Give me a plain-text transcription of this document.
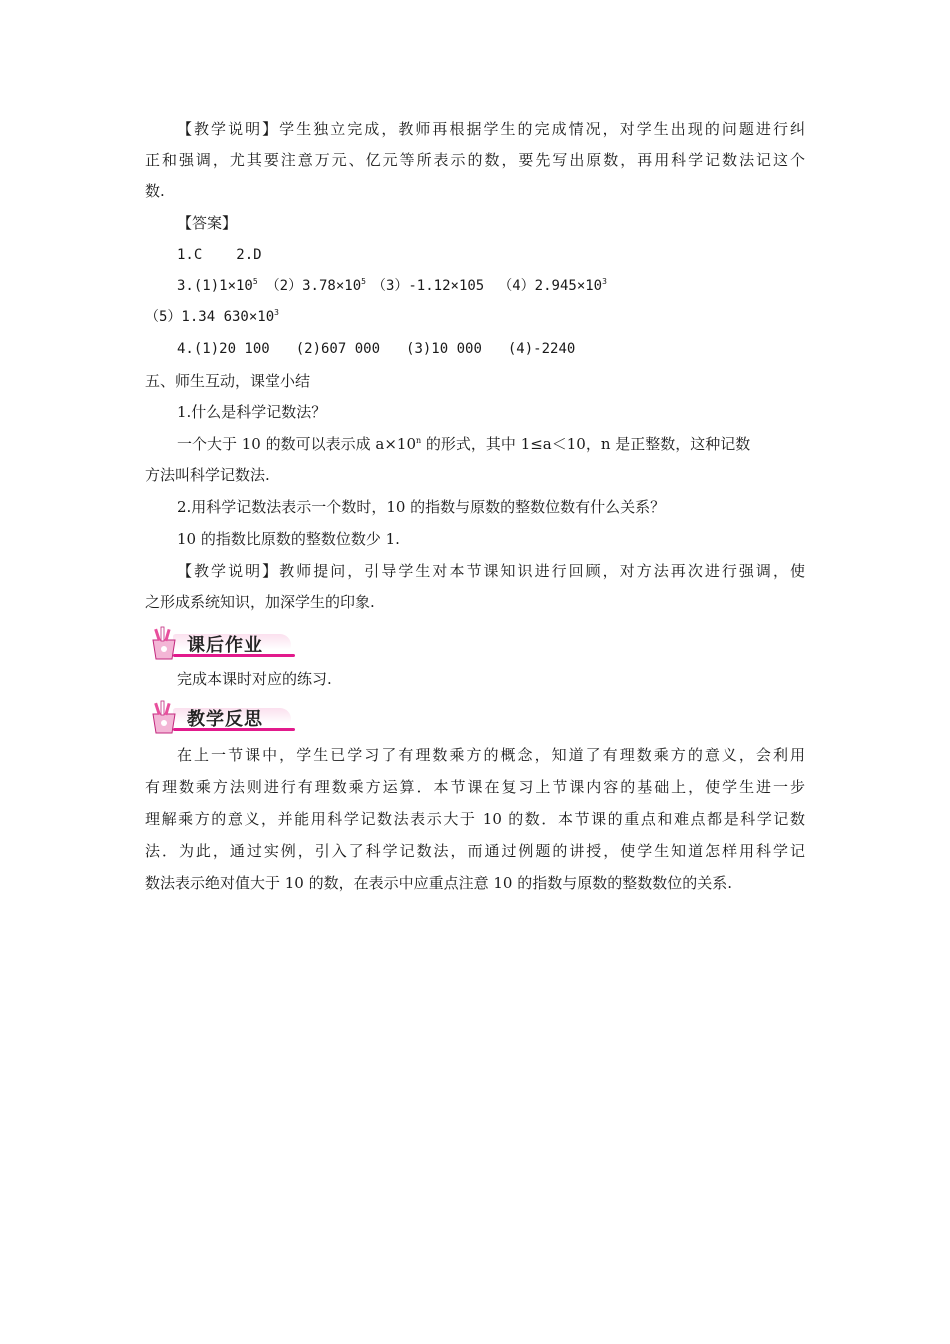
【教学说明】学生独立完成，教师再根据学生的完成情况，对学生出现的问题进行纠
正和强调，尤其要注意万元、亿元等所表示的数，要先写出原数，再用科学记数法记这个
数.
【答案】
1.C 2.D
$3.(1)1\times 10^5$ $(2)3.78\times 10^5$ （3）-1.12×105 $(4)2.945\times 10^3$
（5）1.34 $630\times 10^3$
4.(1)20 100 (2)607 000 (3)10 000 (4)-2240
五、师生互动，课堂小结
1.什么是科学记数法？
一个大于 10 的数可以表示成 $a\times 10^n$ 的形式，其中 1≤a＜10，n 是正整数，这种记数
方法叫科学记数法.
2.用科学记数法表示一个数时，10 的指数与原数的整数位数有什么关系？
10 的指数比原数的整数位数少 1.
【教学说明】教师提问，引导学生对本节课知识进行回顾，对方法再次进行强调，使
之形成系统知识，加深学生的印象.
课后作业
完成本课时对应的练习.
教学反思
在上一节课中，学生已学习了有理数乘方的概念，知道了有理数乘方的意义，会利用
有理数乘方法则进行有理数乘方运算．本节课在复习上节课内容的基础上，使学生进一步
理解乘方的意义，并能用科学记数法表示大于 10 的数．本节课的重点和难点都是科学记数
法．为此，通过实例，引入了科学记数法，而通过例题的讲授，使学生知道怎样用科学记
数法表示绝对值大于 10 的数，在表示中应重点注意 10 的指数与原数的整数数位的关系.
